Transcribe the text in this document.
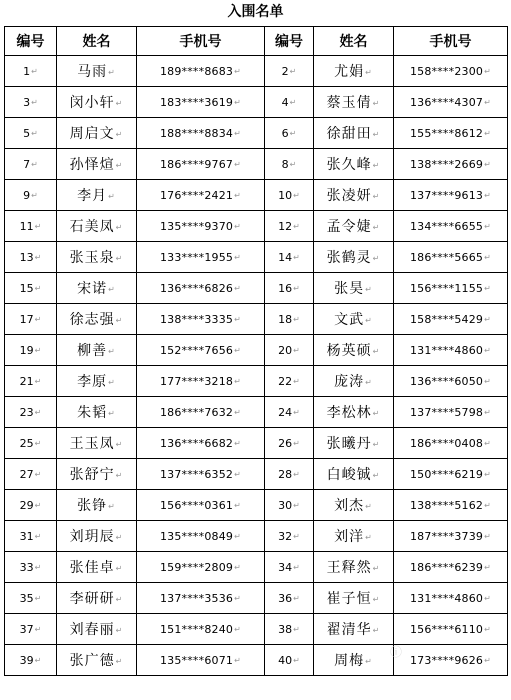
入围名单
编号	姓名	手机号	编号	姓名	手机号
1↵	马雨↵	189****8683↵	2↵	尤娟↵	158****2300↵
3↵	闵小轩↵	183****3619↵	4↵	蔡玉倩↵	136****4307↵
5↵	周启文↵	188****8834↵	6↵	徐甜田↵	155****8612↵
7↵	孙怿煊↵	186****9767↵	8↵	张久峰↵	138****2669↵
9↵	李月↵	176****2421↵	10↵	张凌妍↵	137****9613↵
11↵	石美凤↵	135****9370↵	12↵	孟令婕↵	134****6655↵
13↵	张玉泉↵	133****1955↵	14↵	张鹤灵↵	186****5665↵
15↵	宋诺↵	136****6826↵	16↵	张昊↵	156****1155↵
17↵	徐志强↵	138****3335↵	18↵	文武↵	158****5429↵
19↵	柳善↵	152****7656↵	20↵	杨英硕↵	131****4860↵
21↵	李原↵	177****3218↵	22↵	庞涛↵	136****6050↵
23↵	朱韬↵	186****7632↵	24↵	李松林↵	137****5798↵
25↵	王玉凤↵	136****6682↵	26↵	张曦丹↵	186****0408↵
27↵	张舒宁↵	137****6352↵	28↵	白峻铖↵	150****6219↵
29↵	张铮↵	156****0361↵	30↵	刘杰↵	138****5162↵
31↵	刘玥辰↵	135****0849↵	32↵	刘洋↵	187****3739↵
33↵	张佳卓↵	159****2809↵	34↵	王释然↵	186****6239↵
35↵	李研研↵	137****3536↵	36↵	崔子恒↵	131****4860↵
37↵	刘春丽↵	151****8240↵	38↵	翟清华↵	156****6110↵
39↵	张广德↵	135****6071↵	40↵	周梅↵	173****9626↵
ⓘ
